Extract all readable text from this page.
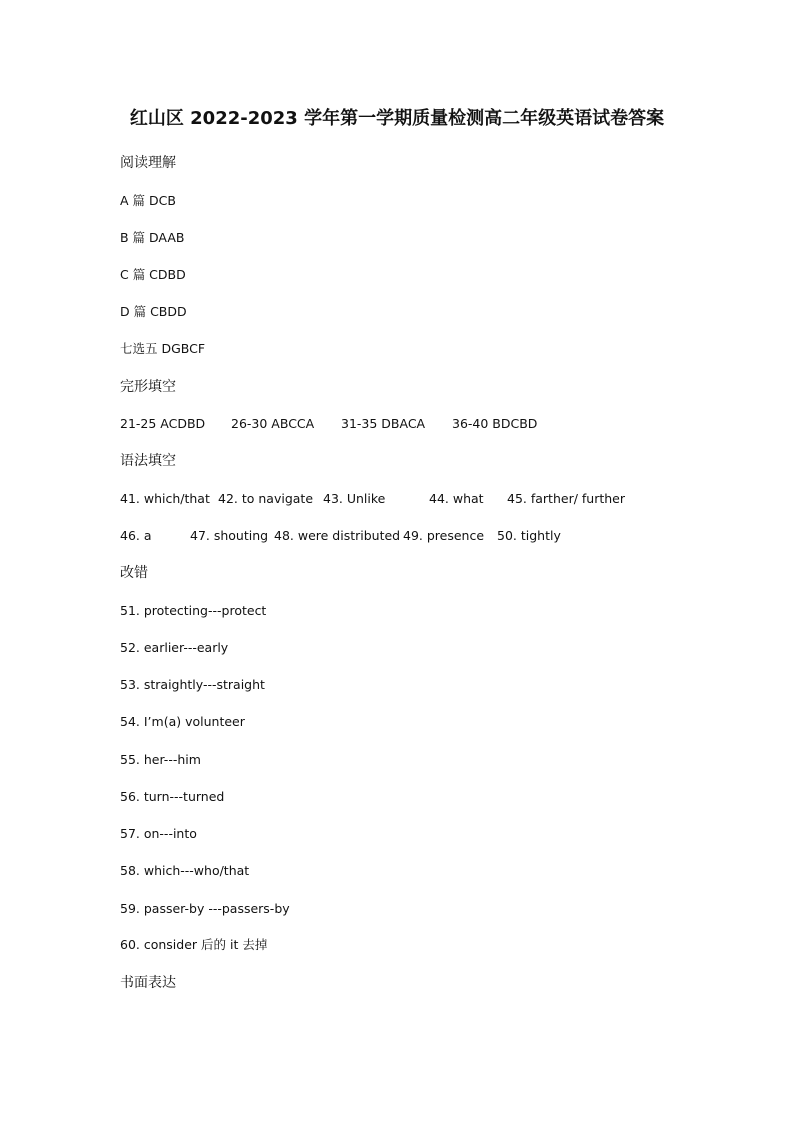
红山区 2022-2023 学年第一学期质量检测高二年级英语试卷答案
阅读理解
A 篇 DCB
B 篇 DAAB
C 篇 CDBD
D 篇 CBDD
七选五 DGBCF
完形填空
21-25 ACDBD 26-30 ABCCA 31-35 DBACA 36-40 BDCBD
语法填空
41. which/that 42. to navigate 43. Unlike	44. what 45. farther/ further
46. a	47. shouting 48. were distributed 49. presence 50. tightly
改错
51. protecting---protect
52. earlier---early
53. straightly---straight
54. I’m(a) volunteer
55. her---him
56. turn---turned
57. on---into
58. which---who/that
59. passer-by ---passers-by
60. consider 后的 it 去掉
书面表达
